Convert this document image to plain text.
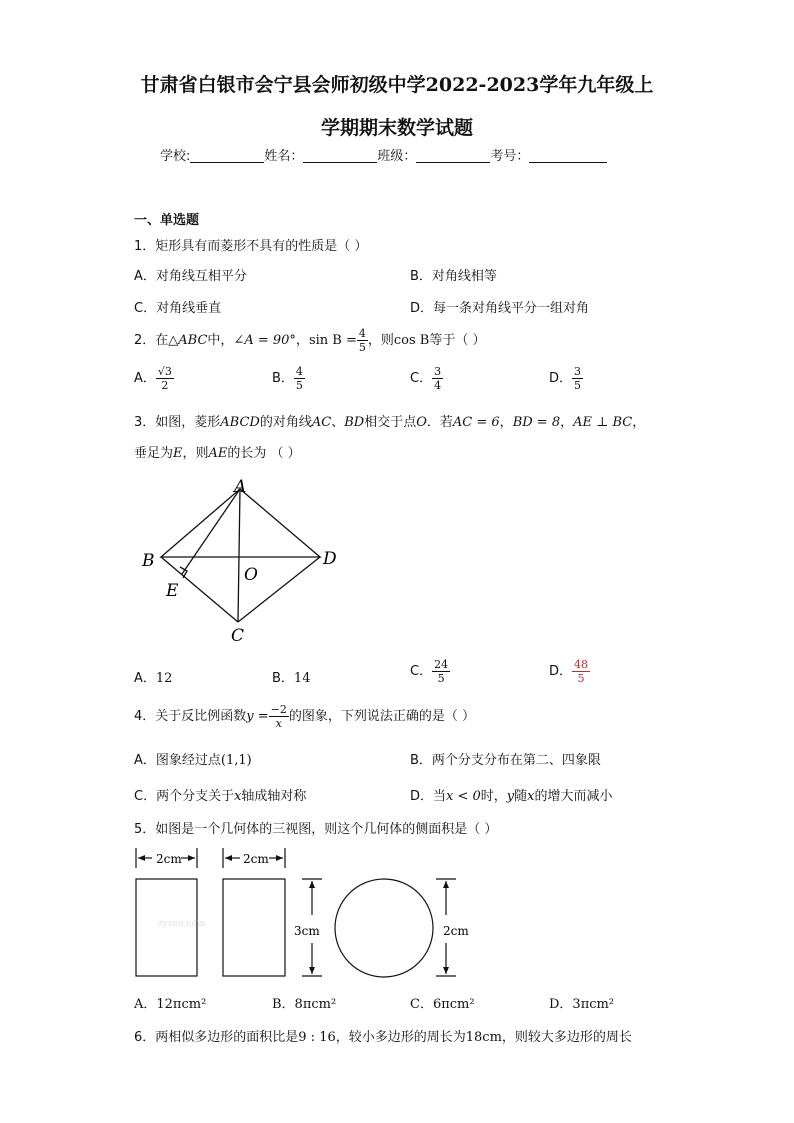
甘肃省白银市会宁县会师初级中学2022-2023学年九年级上
学期期末数学试题
学校:	姓名：	班级：	考号：
一、单选题
1．矩形具有而菱形不具有的性质是（ ）
A．对角线互相平分	B．对角线相等
C．对角线垂直	D．每一条对角线平分一组对角
2．在△ABC中，∠A = 90°，$\sin B = \frac{4}{5}$ ，则cos B等于（ ）
A． $\frac{√3}{2}$	B． $\frac{4}{5}$	C． $\frac{3}{4}$	D． $\frac{3}{5}$
3．如图，菱形ABCD的对角线AC、BD相交于点O．若AC = 6，BD = 8，AE ⊥ BC，
垂足为E，则AE的长为 （ ）
A
B	D
O
E
C
A．12	B．14	C． $\frac{24}{5}$	D． $\frac{48}{5}$
4．关于反比例函数$y = \frac{-2}{x}$ 的图象，下列说法正确的是（ ）
A．图象经过点(1,1)	B．两个分支分布在第二、四象限
C．两个分支关于x轴成轴对称	D．当x < 0时，y随x的增大而减小
5．如图是一个几何体的三视图，则这个几何体的侧面积是（ ）
2cm	2cm
3cm	2cm
zyxeo.com
A．12πcm²	B．8πcm²	C．6πcm²	D．3πcm²
6．两相似多边形的面积比是9 : 16，较小多边形的周长为18cm，则较大多边形的周长
